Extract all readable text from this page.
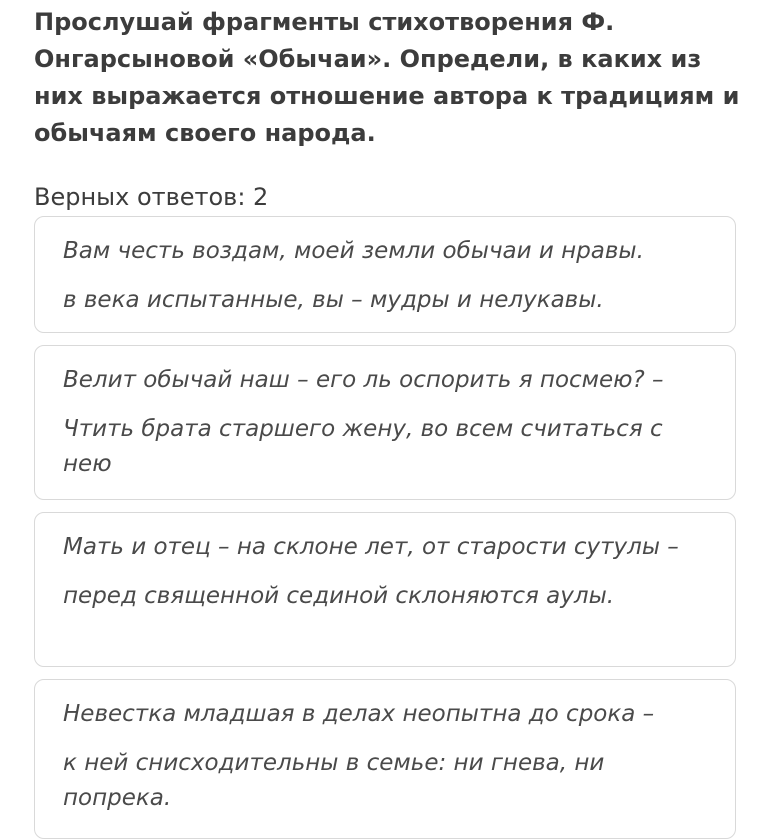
Прослушай фрагменты стихотворения Ф. Онгарсыновой «Обычаи». Определи, в каких из них выражается отношение автора к традициям и обычаям своего народа.
Верных ответов: 2

Вам честь воздам, моей земли обычаи и нравы.

в века испытанные, вы – мудры и нелукавы.

Велит обычай наш – его ль оспорить я посмею? –

Чтить брата старшего жену, во всем считаться с нею

Мать и отец – на склоне лет, от старости сутулы –

перед священной сединой склоняются аулы.

Невестка младшая в делах неопытна до срока –

к ней снисходительны в семье: ни гнева, ни попрека.
